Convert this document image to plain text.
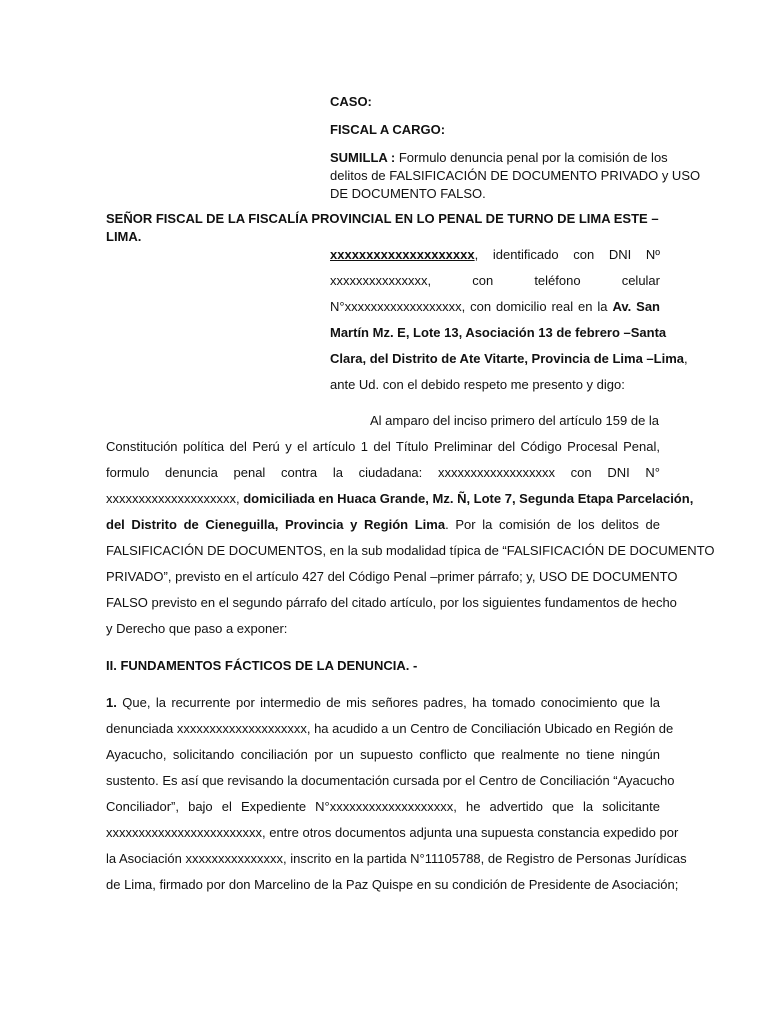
CASO:

FISCAL A CARGO:

SUMILLA : Formulo denuncia penal por la comisión de los
delitos de FALSIFICACIÓN DE DOCUMENTO PRIVADO y USO
DE DOCUMENTO FALSO.
SEÑOR FISCAL DE LA FISCALÍA PROVINCIAL EN LO PENAL DE TURNO DE LIMA ESTE – LIMA.
xxxxxxxxxxxxxxxxxxxx, identificado con DNI Nº
xxxxxxxxxxxxxxx, con teléfono celular
N°xxxxxxxxxxxxxxxxxx, con domicilio real en la Av. San
Martín Mz. E, Lote 13, Asociación 13 de febrero –Santa
Clara, del Distrito de Ate Vitarte, Provincia de Lima –Lima,
ante Ud. con el debido respeto me presento y digo:
Al amparo del inciso primero del artículo 159 de la
Constitución política del Perú y el artículo 1 del Título Preliminar del Código Procesal Penal,
formulo denuncia penal contra la ciudadana: xxxxxxxxxxxxxxxxxx con DNI N°
xxxxxxxxxxxxxxxxxxxx, domiciliada en Huaca Grande, Mz. Ñ, Lote 7, Segunda Etapa Parcelación,
del Distrito de Cieneguilla, Provincia y Región Lima. Por la comisión de los delitos de
FALSIFICACIÓN DE DOCUMENTOS, en la sub modalidad típica de “FALSIFICACIÓN DE DOCUMENTO
PRIVADO”, previsto en el artículo 427 del Código Penal –primer párrafo; y, USO DE DOCUMENTO
FALSO previsto en el segundo párrafo del citado artículo, por los siguientes fundamentos de hecho
y Derecho que paso a exponer:
II. FUNDAMENTOS FÁCTICOS DE LA DENUNCIA. -
1. Que, la recurrente por intermedio de mis señores padres, ha tomado conocimiento que la
denunciada xxxxxxxxxxxxxxxxxxxx, ha acudido a un Centro de Conciliación Ubicado en Región de
Ayacucho, solicitando conciliación por un supuesto conflicto que realmente no tiene ningún
sustento. Es así que revisando la documentación cursada por el Centro de Conciliación “Ayacucho
Conciliador”, bajo el Expediente N°xxxxxxxxxxxxxxxxxxx, he advertido que la solicitante
xxxxxxxxxxxxxxxxxxxxxxxx, entre otros documentos adjunta una supuesta constancia expedido por
la Asociación xxxxxxxxxxxxxxx, inscrito en la partida N°11105788, de Registro de Personas Jurídicas
de Lima, firmado por don Marcelino de la Paz Quispe en su condición de Presidente de Asociación;
